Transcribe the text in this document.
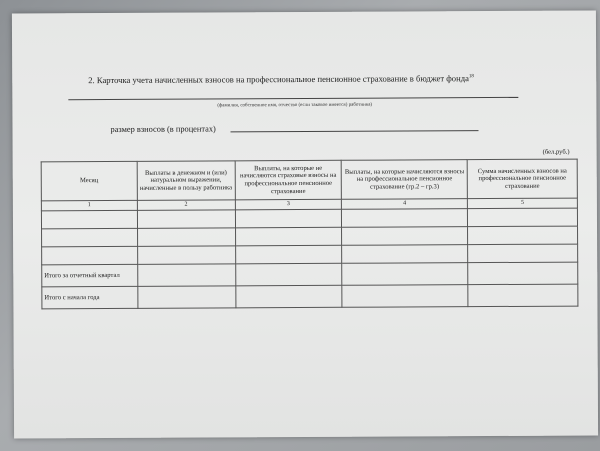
2. Карточка учета начисленных взносов на профессиональное пенсионное страхование в бюджет фонда$^{18}$
(фамилия, собственное имя, отчество (если таковое имеется) работника)
размер взносов (в процентах)
(бел.руб.)
Месяц	Выплаты в денежном и (или) натуральном выражении, начисленные в пользу работника	Выплаты, на которые не начисляются страховые взносы на профессиональное пенсионное страхование	Выплаты, на которые начисляются взносы на профессиональное пенсионное страхование (гр.2 – гр.3)	Сумма начисленных взносов на профессиональное пенсионное страхование
1	2	3	4	5

Итого за отчетный квартал				
Итого с начала года				
